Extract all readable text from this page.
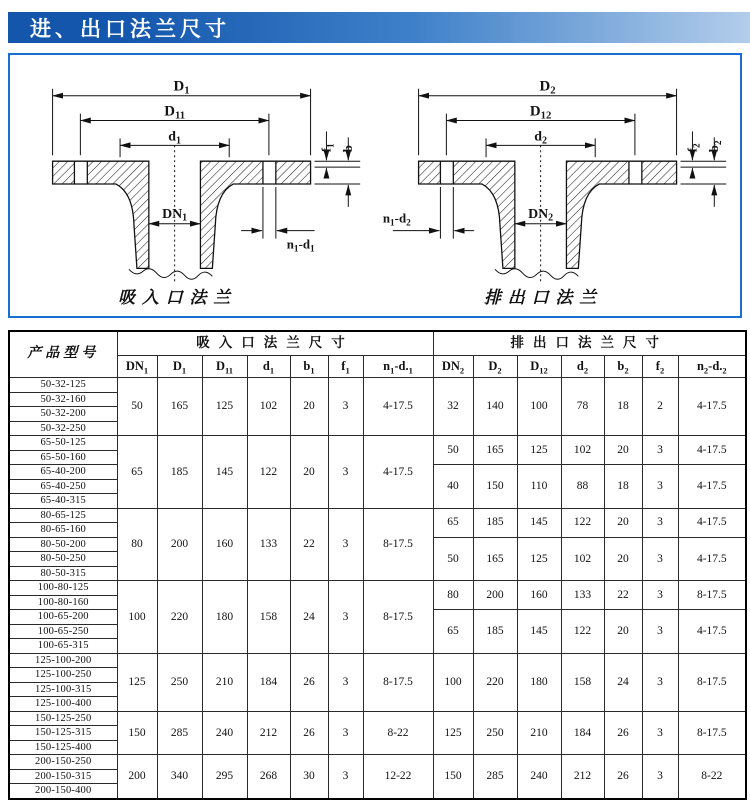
进、出口法兰尺寸
$D_1$
$D_{11}$
$d_1$
$DN_1$
$f_1$ b
$n_1-d_1$
吸入口法兰
$D_2$
$D_{12}$
$d_2$
$DN_2$
$f_2$ $b_2$
$n_1-d_2$
排出口法兰
产品型号	吸入口法兰尺寸							排出口法兰尺寸						
	$DN_1$	$D_1$	$D_{11}$	$d_1$	$b_1$	$f_1$	$n_1-d._1$	$DN_2$	$D_2$	$D_{12}$	$d_2$	$b_2$	$f_2$	$n_2-d._2$
50-32-125	50	165	125	102	20	3	4-17.5	32	140	100	78	18	2	4-17.5
50-32-160														
50-32-200														
50-32-250														
65-50-125	65	185	145	122	20	3	4-17.5	50	165	125	102	20	3	4-17.5
65-50-160														
65-40-200								40	150	110	88	18	3	4-17.5
65-40-250														
65-40-315														
80-65-125	80	200	160	133	22	3	8-17.5	65	185	145	122	20	3	4-17.5
80-65-160														
80-50-200								50	165	125	102	20	3	4-17.5
80-50-250														
80-50-315														
100-80-125	100	220	180	158	24	3	8-17.5	80	200	160	133	22	3	8-17.5
100-80-160														
100-65-200								65	185	145	122	20	3	4-17.5
100-65-250														
100-65-315														
125-100-200	125	250	210	184	26	3	8-17.5	100	220	180	158	24	3	8-17.5
125-100-250														
125-100-315														
125-100-400														
150-125-250	150	285	240	212	26	3	8-22	125	250	210	184	26	3	8-17.5
150-125-315														
150-125-400														
200-150-250	200	340	295	268	30	3	12-22	150	285	240	212	26	3	8-22
200-150-315														
200-150-400														
